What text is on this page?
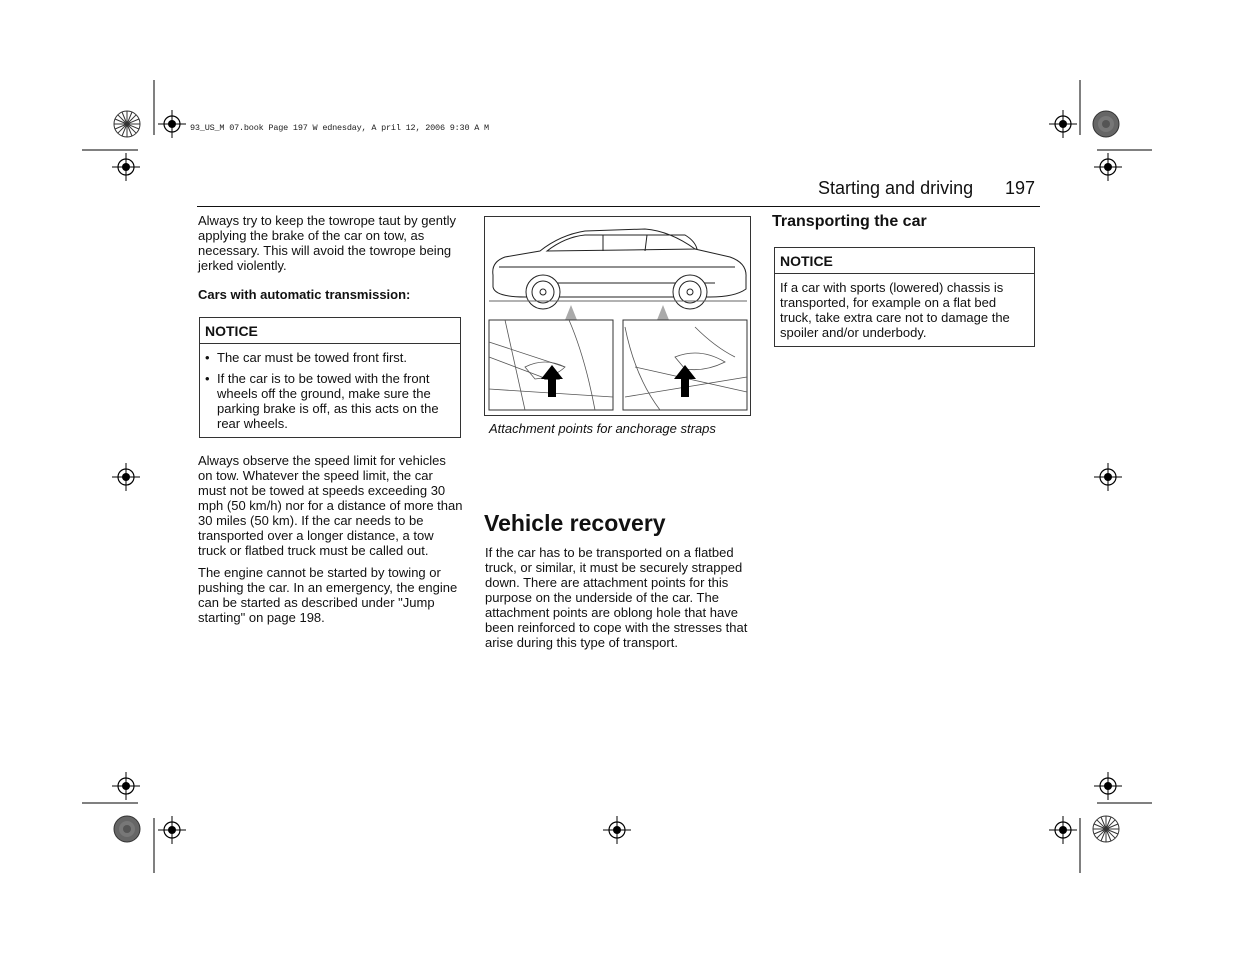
93_US_M 07.book Page 197 W ednesday, A pril 12, 2006 9:30 A M
Starting and driving 197

Always try to keep the towrope taut by gently applying the brake of the car on tow, as necessary. This will avoid the towrope being jerked violently.

Cars with automatic transmission:
NOTICE
• The car must be towed front first.
• If the car is to be towed with the front wheels off the ground, make sure the parking brake is off, as this acts on the rear wheels.

Always observe the speed limit for vehicles on tow. Whatever the speed limit, the car must not be towed at speeds exceeding 30 mph (50 km/h) nor for a distance of more than 30 miles (50 km). If the car needs to be transported over a longer distance, a tow truck or flatbed truck must be called out.

The engine cannot be started by towing or pushing the car. In an emergency, the engine can be started as described under "Jump starting" on page 198.

Attachment points for anchorage straps
Vehicle recovery

If the car has to be transported on a flatbed truck, or similar, it must be securely strapped down. There are attachment points for this purpose on the underside of the car. The attachment points are oblong hole that have been reinforced to cope with the stresses that arise during this type of transport.

Transporting the car
NOTICE

If a car with sports (lowered) chassis is transported, for example on a flat bed truck, take extra care not to damage the spoiler and/or underbody.
